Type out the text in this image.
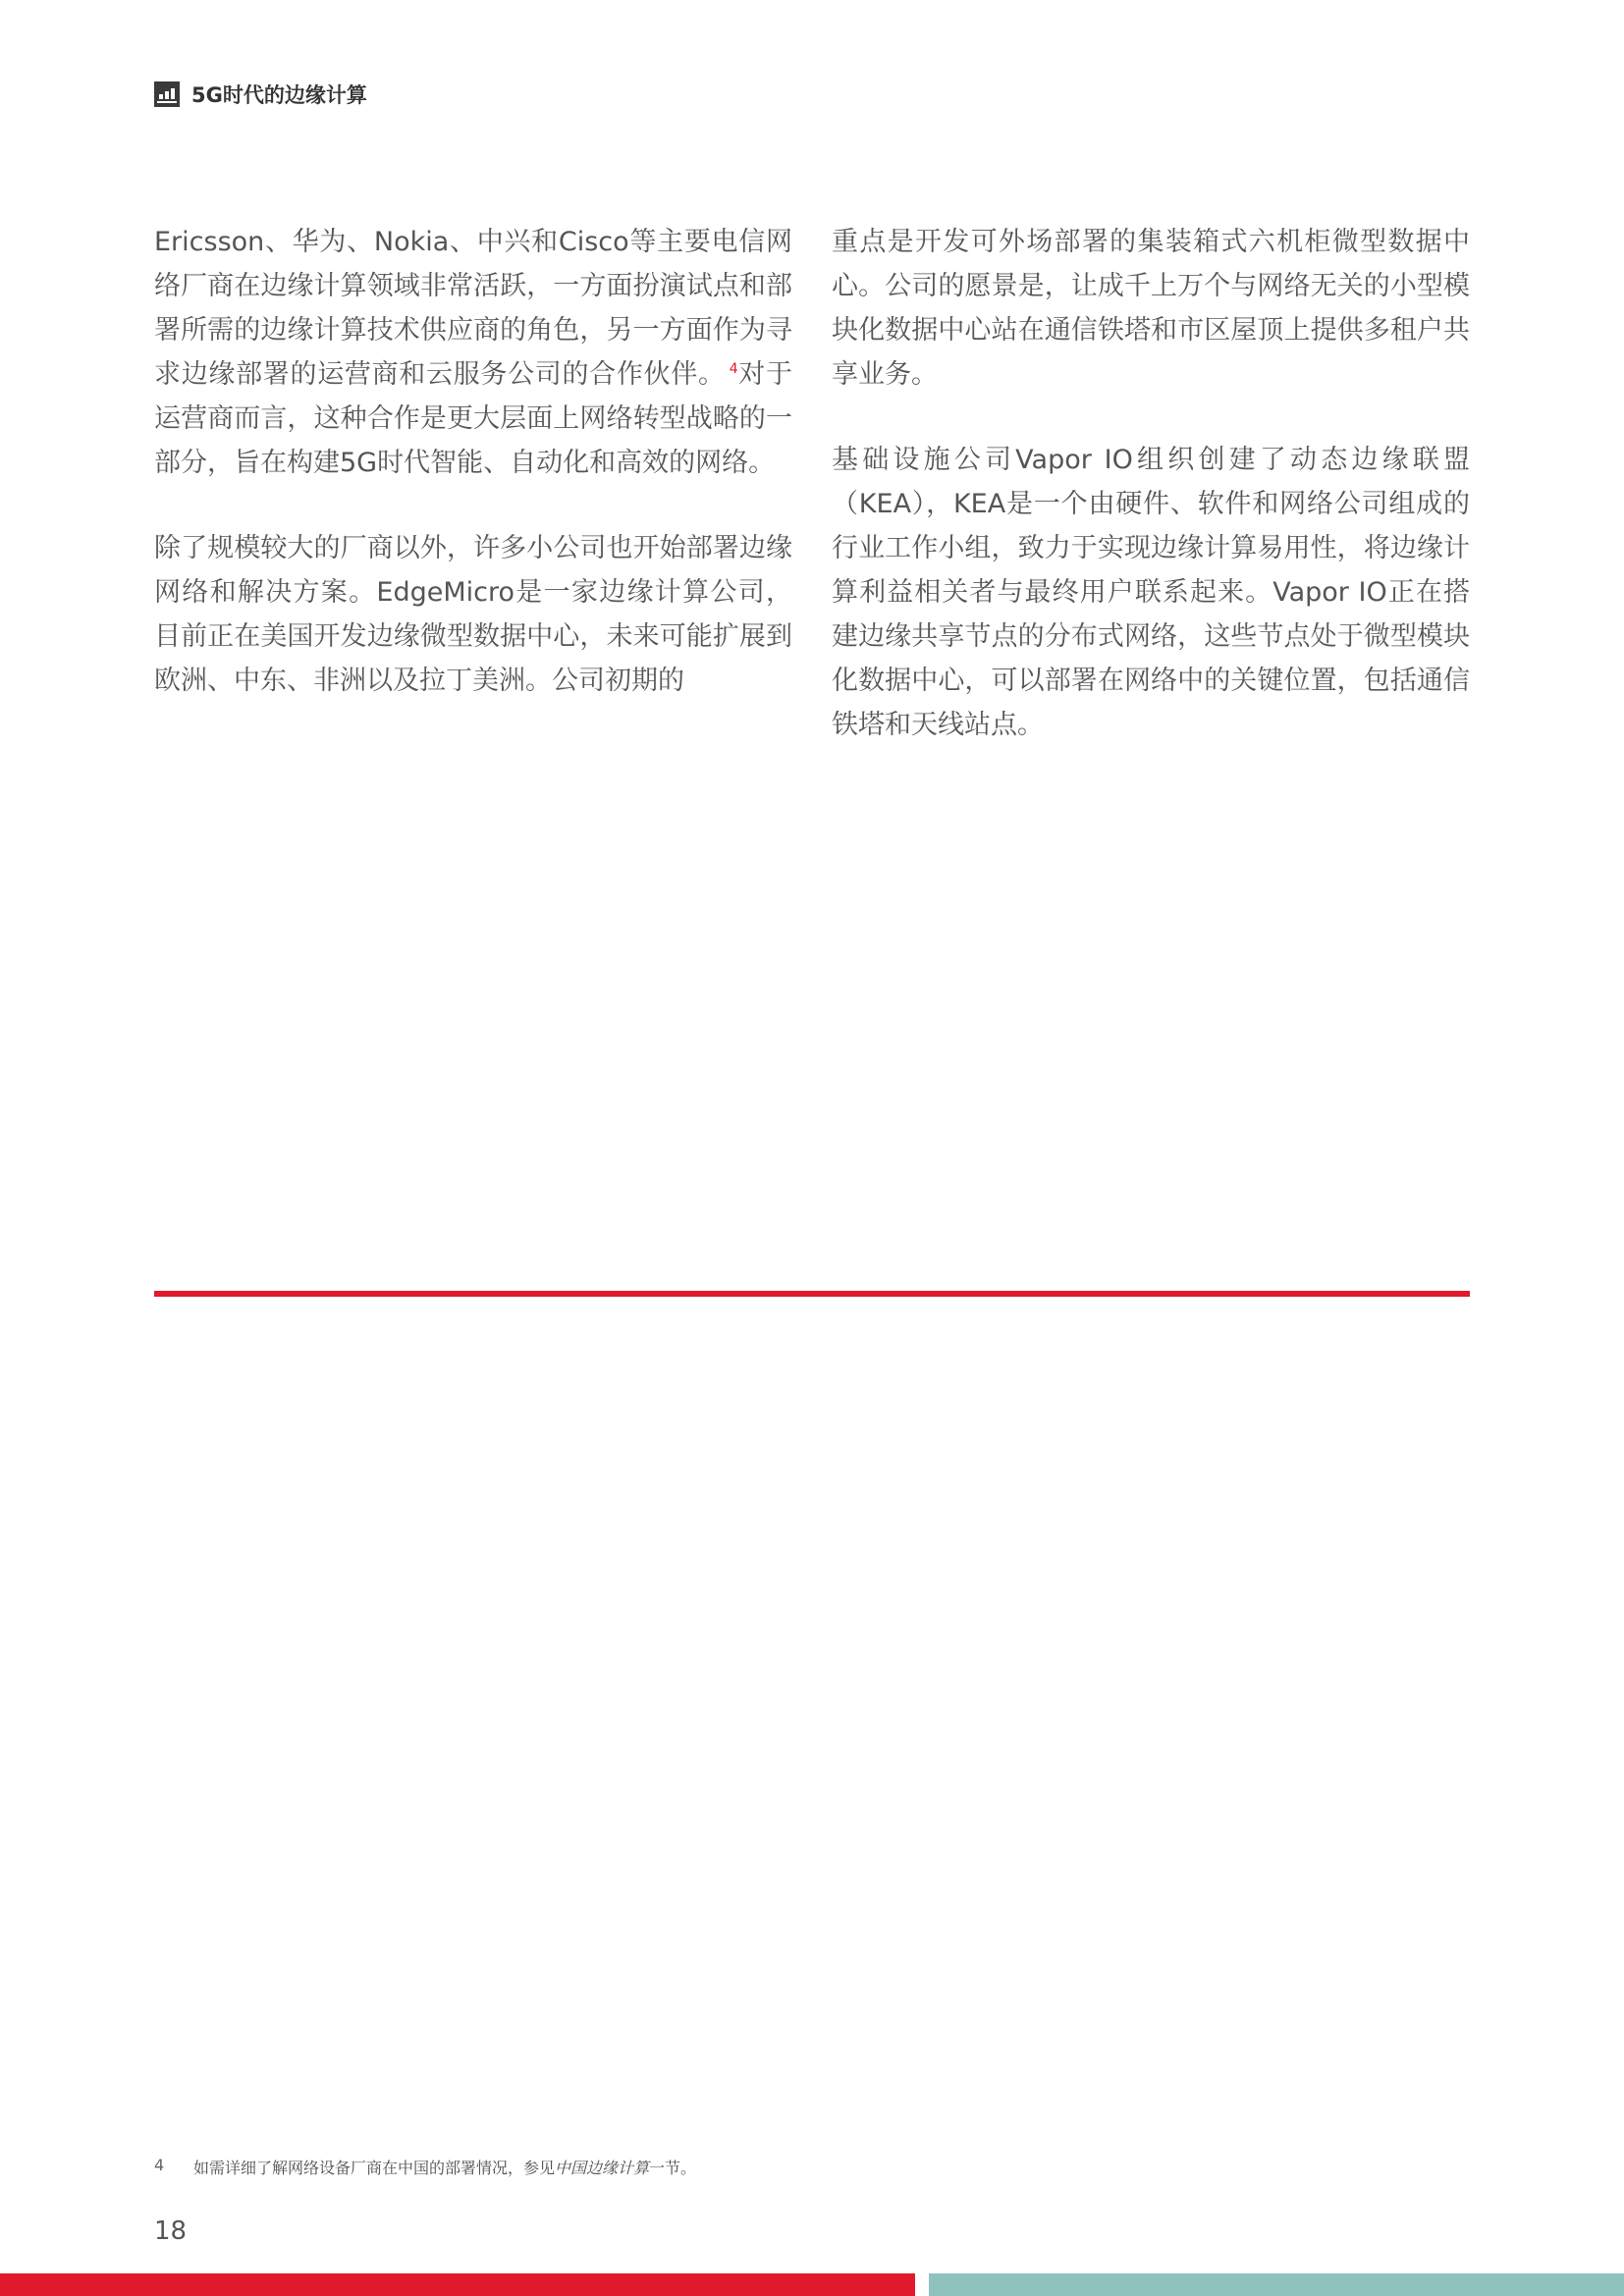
5G时代的边缘计算

Ericsson、华为、Nokia、中兴和Cisco等主要电信网络厂商在边缘计算领域非常活跃，一方面扮演试点和部署所需的边缘计算技术供应商的角色，另一方面作为寻求边缘部署的运营商和云服务公司的合作伙伴。 $^4$对于运营商而言，这种合作是更大层面上网络转型战略的一部分，旨在构建5G时代智能、自动化和高效的网络。

除了规模较大的厂商以外，许多小公司也开始部署边缘网络和解决方案。EdgeMicro是一家边缘计算公司，目前正在美国开发边缘微型数据中心，未来可能扩展到欧洲、中东、非洲以及拉丁美洲。公司初期的

重点是开发可外场部署的集装箱式六机柜微型数据中心。公司的愿景是，让成千上万个与网络无关的小型模块化数据中心站在通信铁塔和市区屋顶上提供多租户共享业务。

基础设施公司Vapor IO组织创建了动态边缘联盟（KEA），KEA是一个由硬件、软件和网络公司组成的行业工作小组，致力于实现边缘计算易用性，将边缘计算利益相关者与最终用户联系起来。Vapor IO正在搭建边缘共享节点的分布式网络，这些节点处于微型模块化数据中心，可以部署在网络中的关键位置，包括通信铁塔和天线站点。

4	如需详细了解网络设备厂商在中国的部署情况，参见中国边缘计算一节。
18
